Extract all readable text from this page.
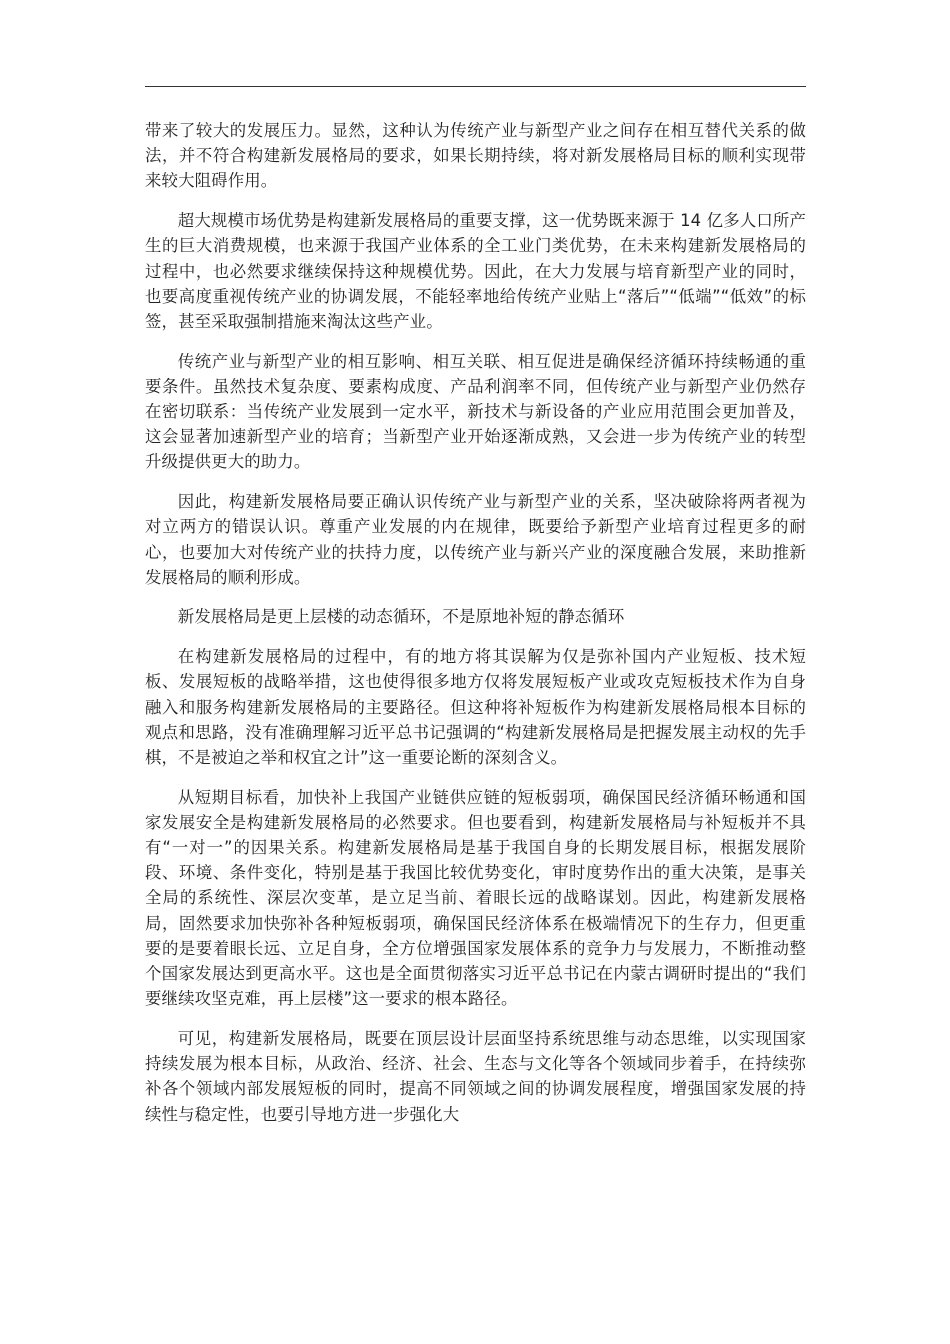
带来了较大的发展压力。显然，这种认为传统产业与新型产业之间存在相互替代关系的做法，并不符合构建新发展格局的要求，如果长期持续，将对新发展格局目标的顺利实现带来较大阻碍作用。

超大规模市场优势是构建新发展格局的重要支撑，这一优势既来源于 14 亿多人口所产生的巨大消费规模，也来源于我国产业体系的全工业门类优势，在未来构建新发展格局的过程中，也必然要求继续保持这种规模优势。因此，在大力发展与培育新型产业的同时，也要高度重视传统产业的协调发展，不能轻率地给传统产业贴上“落后”“低端”“低效”的标签，甚至采取强制措施来淘汰这些产业。

传统产业与新型产业的相互影响、相互关联、相互促进是确保经济循环持续畅通的重要条件。虽然技术复杂度、要素构成度、产品利润率不同，但传统产业与新型产业仍然存在密切联系：当传统产业发展到一定水平，新技术与新设备的产业应用范围会更加普及，这会显著加速新型产业的培育；当新型产业开始逐渐成熟，又会进一步为传统产业的转型升级提供更大的助力。

因此，构建新发展格局要正确认识传统产业与新型产业的关系，坚决破除将两者视为对立两方的错误认识。尊重产业发展的内在规律，既要给予新型产业培育过程更多的耐心，也要加大对传统产业的扶持力度，以传统产业与新兴产业的深度融合发展，来助推新发展格局的顺利形成。

新发展格局是更上层楼的动态循环，不是原地补短的静态循环

在构建新发展格局的过程中，有的地方将其误解为仅是弥补国内产业短板、技术短板、发展短板的战略举措，这也使得很多地方仅将发展短板产业或攻克短板技术作为自身融入和服务构建新发展格局的主要路径。但这种将补短板作为构建新发展格局根本目标的观点和思路，没有准确理解习近平总书记强调的“构建新发展格局是把握发展主动权的先手棋，不是被迫之举和权宜之计”这一重要论断的深刻含义。

从短期目标看，加快补上我国产业链供应链的短板弱项，确保国民经济循环畅通和国家发展安全是构建新发展格局的必然要求。但也要看到，构建新发展格局与补短板并不具有“一对一”的因果关系。构建新发展格局是基于我国自身的长期发展目标，根据发展阶段、环境、条件变化，特别是基于我国比较优势变化，审时度势作出的重大决策，是事关全局的系统性、深层次变革，是立足当前、着眼长远的战略谋划。因此，构建新发展格局，固然要求加快弥补各种短板弱项，确保国民经济体系在极端情况下的生存力，但更重要的是要着眼长远、立足自身，全方位增强国家发展体系的竞争力与发展力，不断推动整个国家发展达到更高水平。这也是全面贯彻落实习近平总书记在内蒙古调研时提出的“我们要继续攻坚克难，再上层楼”这一要求的根本路径。

可见，构建新发展格局，既要在顶层设计层面坚持系统思维与动态思维，以实现国家持续发展为根本目标，从政治、经济、社会、生态与文化等各个领域同步着手，在持续弥补各个领域内部发展短板的同时，提高不同领域之间的协调发展程度，增强国家发展的持续性与稳定性，也要引导地方进一步强化大
